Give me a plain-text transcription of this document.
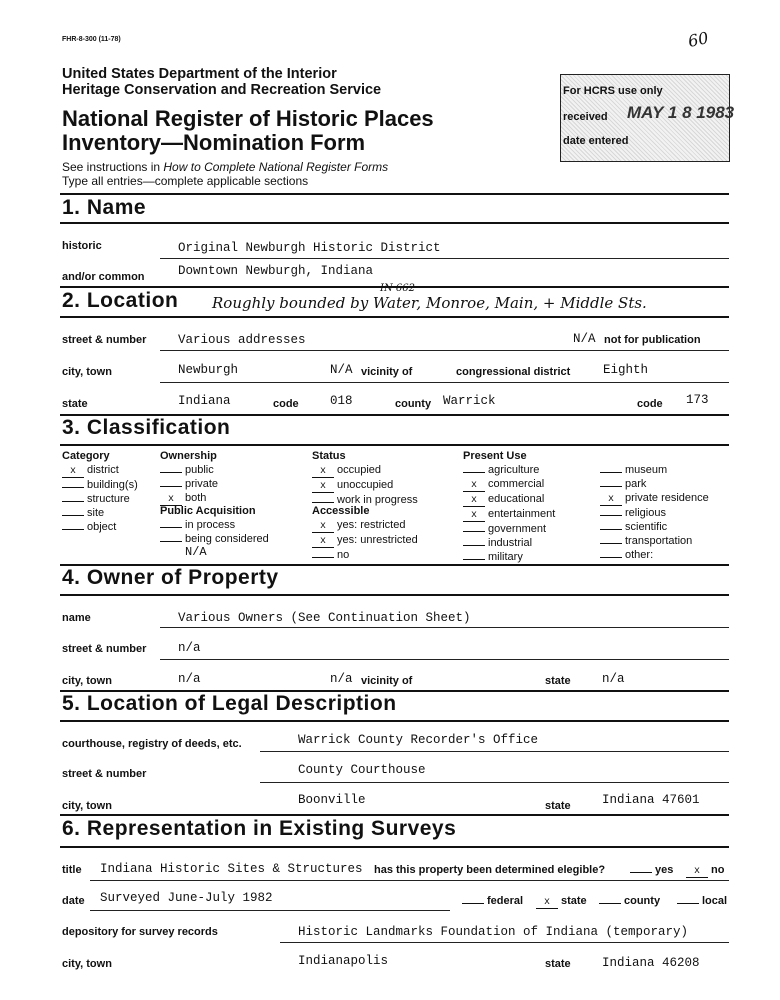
FHR-8-300 (11-78)	60
United States Department of the Interior
Heritage Conservation and Recreation Service
National Register of Historic Places
Inventory—Nomination Form
See instructions in How to Complete National Register Forms
Type all entries—complete applicable sections
For HCRS use only
received MAY 1 8 1983
date entered
1. Name
historic	Original Newburgh Historic District
and/or common	Downtown Newburgh, Indiana
2. Location Roughly bounded by Water, Monroe, Main, + Middle Sts.
IN 662
street & number	Various addresses	N/A not for publication
city, town	Newburgh	N/A vicinity of	congressional district	Eighth
state	Indiana	code	018	county Warrick	code 173
3. Classification
Category
x district
building(s)
structure
site
object
Ownership
public
private
x both
Public Acquisition
in process
being considered
N/A
Status
x occupied
x unoccupied
work in progress
Accessible
x yes: restricted
x yes: unrestricted
no
Present Use
agriculture
x commercial
x educational
x entertainment
government
industrial
military
museum
park
x private residence
religious
scientific
transportation
other:
4. Owner of Property
name	Various Owners (See Continuation Sheet)
street & number	n/a
city, town	n/a	n/a vicinity of	state	n/a
5. Location of Legal Description
courthouse, registry of deeds, etc.	Warrick County Recorder's Office
street & number	County Courthouse
city, town	Boonville	state	Indiana 47601
6. Representation in Existing Surveys
title Indiana Historic Sites & Structures has this property been determined elegible?	yes	x no
date Surveyed June-July 1982	federal	x state	county	local
depository for survey records	Historic Landmarks Foundation of Indiana (temporary)
city, town	Indianapolis	state	Indiana 46208
